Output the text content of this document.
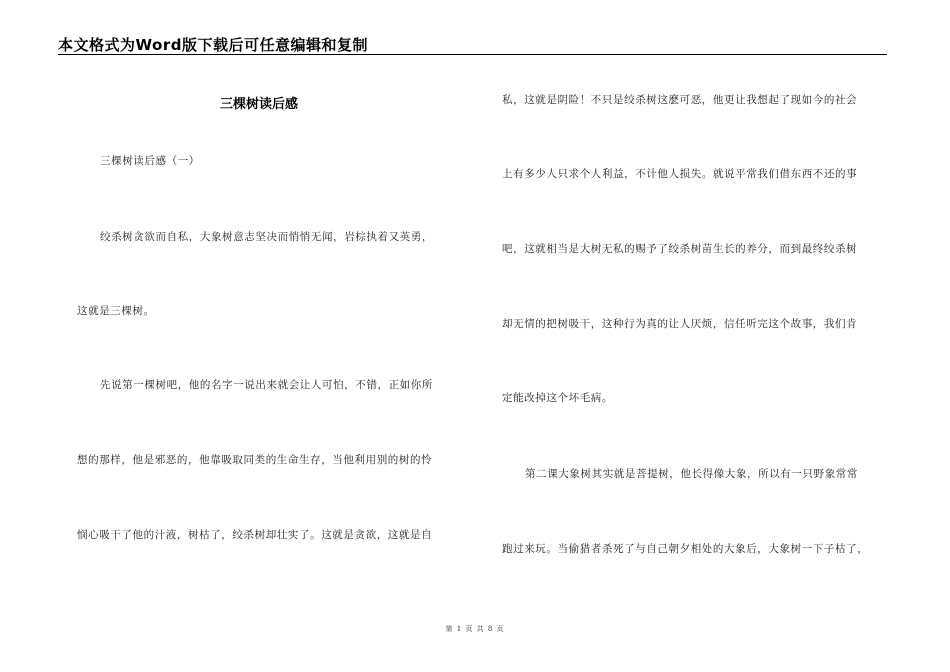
本文格式为Word版下载后可任意编辑和复制
三棵树读后感
三棵树读后感（一）
绞杀树贪欲而自私，大象树意志坚决而悄悄无闻，岩棕执着又英勇，
这就是三棵树。
先说第一棵树吧，他的名字一说出来就会让人可怕，不错，正如你所
想的那样，他是邪恶的，他靠吸取同类的生命生存，当他利用别的树的怜
悯心吸干了他的汁液，树枯了，绞杀树却壮实了。这就是贪欲，这就是自
私，这就是阴险！不只是绞杀树这麽可恶，他更让我想起了现如今的社会
上有多少人只求个人利益，不计他人损失。就说平常我们借东西不还的事
吧，这就相当是大树无私的赐予了绞杀树苗生长的养分，而到最终绞杀树
却无情的把树吸干，这种行为真的让人厌烦，信任听完这个故事，我们肯
定能改掉这个坏毛病。
第二课大象树其实就是菩提树，他长得像大象，所以有一只野象常常
跑过来玩。当偷猎者杀死了与自己朝夕相处的大象后，大象树一下子枯了，
第 1 页 共 8 页
